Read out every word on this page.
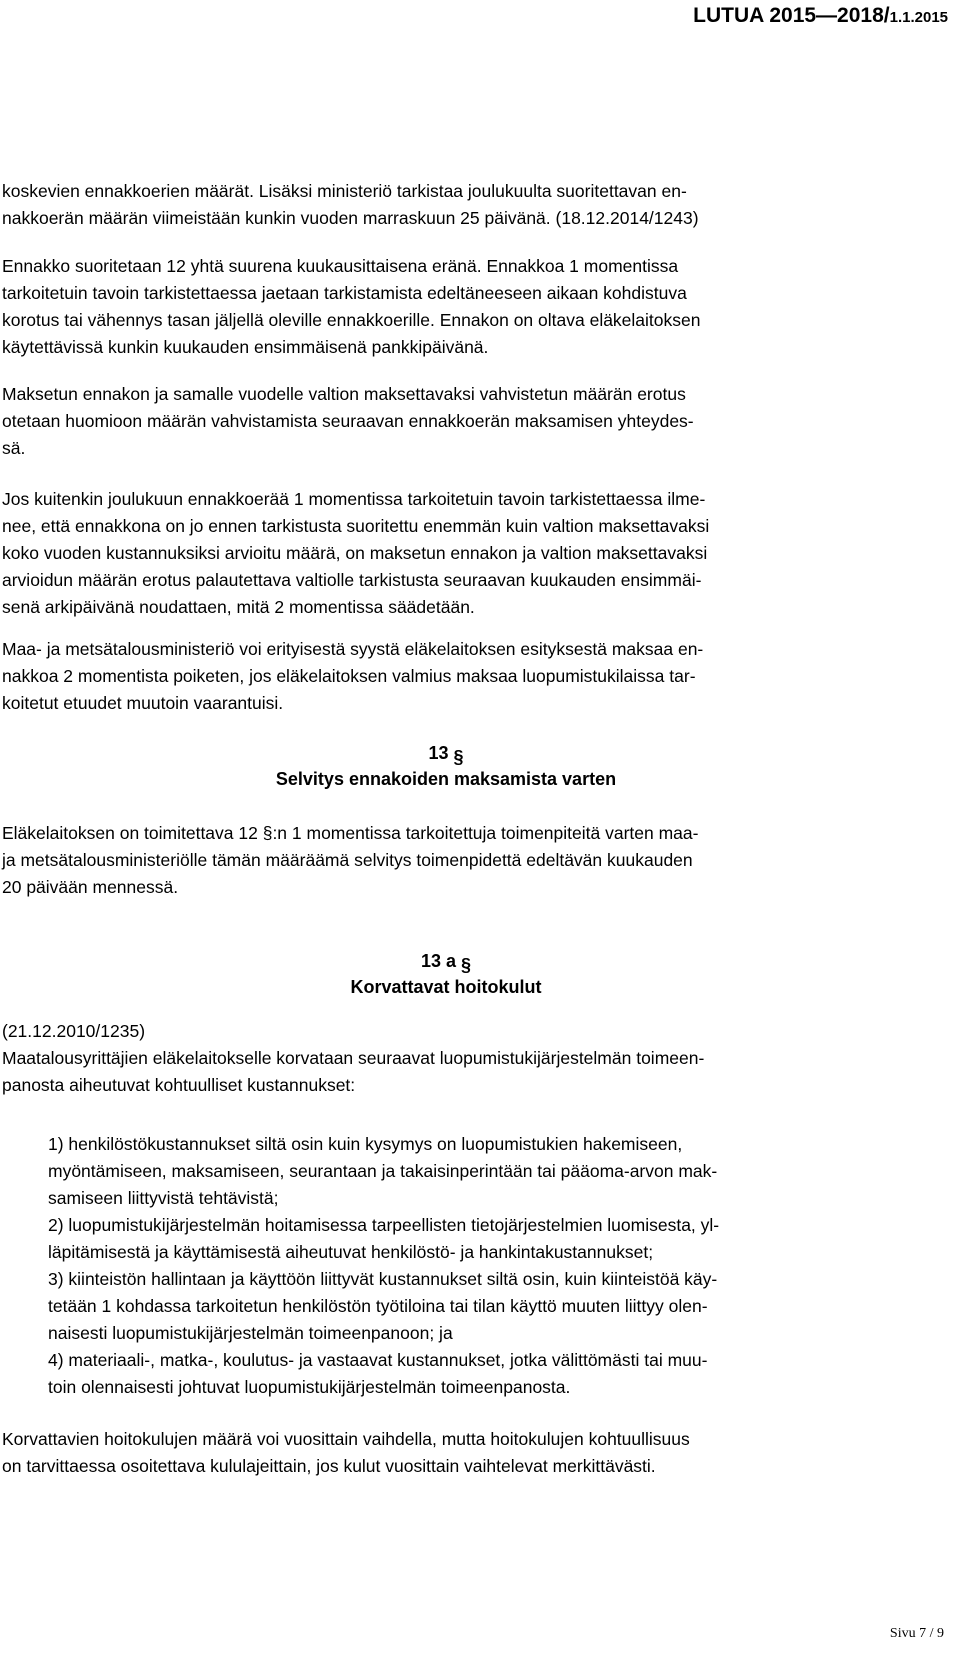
LUTUA 2015—2018/1.1.2015

koskevien ennakkoerien määrät. Lisäksi ministeriö tarkistaa joulukuulta suoritettavan en-
nakkoerän määrän viimeistään kunkin vuoden marraskuun 25 päivänä. (18.12.2014/1243)

Ennakko suoritetaan 12 yhtä suurena kuukausittaisena eränä. Ennakkoa 1 momentissa
tarkoitetuin tavoin tarkistettaessa jaetaan tarkistamista edeltäneeseen aikaan kohdistuva
korotus tai vähennys tasan jäljellä oleville ennakkoerille. Ennakon on oltava eläkelaitoksen
käytettävissä kunkin kuukauden ensimmäisenä pankkipäivänä.

Maksetun ennakon ja samalle vuodelle valtion maksettavaksi vahvistetun määrän erotus
otetaan huomioon määrän vahvistamista seuraavan ennakkoerän maksamisen yhteydes-
sä.

Jos kuitenkin joulukuun ennakkoerää 1 momentissa tarkoitetuin tavoin tarkistettaessa ilme-
nee, että ennakkona on jo ennen tarkistusta suoritettu enemmän kuin valtion maksettavaksi
koko vuoden kustannuksiksi arvioitu määrä, on maksetun ennakon ja valtion maksettavaksi
arvioidun määrän erotus palautettava valtiolle tarkistusta seuraavan kuukauden ensimmäi-
senä arkipäivänä noudattaen, mitä 2 momentissa säädetään.

Maa- ja metsätalousministeriö voi erityisestä syystä eläkelaitoksen esityksestä maksaa en-
nakkoa 2 momentista poiketen, jos eläkelaitoksen valmius maksaa luopumistukilaissa tar-
koitetut etuudet muutoin vaarantuisi.

13 §
Selvitys ennakoiden maksamista varten

Eläkelaitoksen on toimitettava 12 §:n 1 momentissa tarkoitettuja toimenpiteitä varten maa-
ja metsätalousministeriölle tämän määräämä selvitys toimenpidettä edeltävän kuukauden
20 päivään mennessä.

13 a §
Korvattavat hoitokulut

(21.12.2010/1235)
Maatalousyrittäjien eläkelaitokselle korvataan seuraavat luopumistukijärjestelmän toimeen-
panosta aiheutuvat kohtuulliset kustannukset:

1) henkilöstökustannukset siltä osin kuin kysymys on luopumistukien hakemiseen,
myöntämiseen, maksamiseen, seurantaan ja takaisinperintään tai pääoma-arvon mak-
samiseen liittyvistä tehtävistä;
2) luopumistukijärjestelmän hoitamisessa tarpeellisten tietojärjestelmien luomisesta, yl-
läpitämisestä ja käyttämisestä aiheutuvat henkilöstö- ja hankintakustannukset;
3) kiinteistön hallintaan ja käyttöön liittyvät kustannukset siltä osin, kuin kiinteistöä käy-
tetään 1 kohdassa tarkoitetun henkilöstön työtiloina tai tilan käyttö muuten liittyy olen-
naisesti luopumistukijärjestelmän toimeenpanoon; ja
4) materiaali-, matka-, koulutus- ja vastaavat kustannukset, jotka välittömästi tai muu-
toin olennaisesti johtuvat luopumistukijärjestelmän toimeenpanosta.

Korvattavien hoitokulujen määrä voi vuosittain vaihdella, mutta hoitokulujen kohtuullisuus
on tarvittaessa osoitettava kululajeittain, jos kulut vuosittain vaihtelevat merkittävästi.

Sivu 7 / 9
